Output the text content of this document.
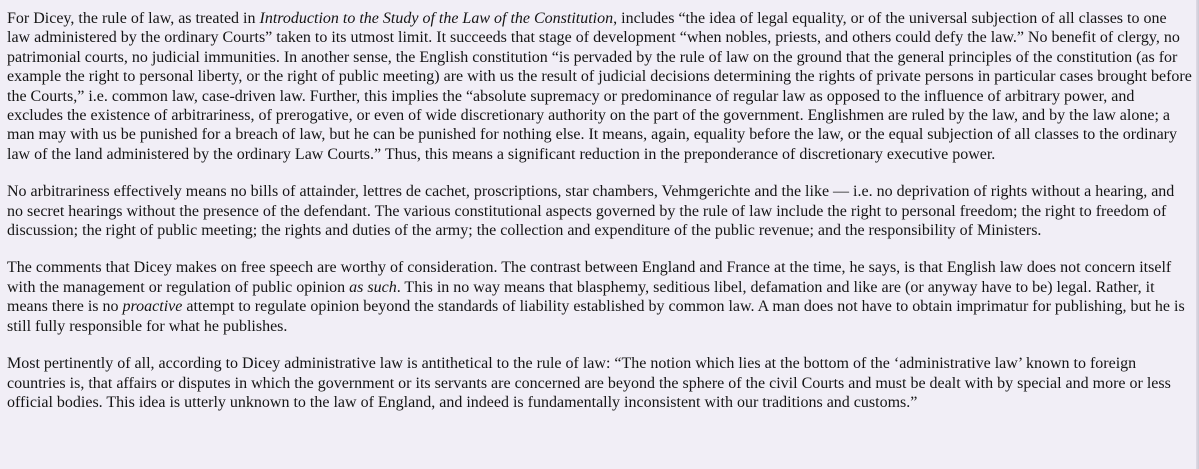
For Dicey, the rule of law, as treated in Introduction to the Study of the Law of the Constitution, includes “the idea of legal equality, or of the universal subjection of all classes to one law administered by the ordinary Courts” taken to its utmost limit. It succeeds that stage of development “when nobles, priests, and others could defy the law.” No benefit of clergy, no patrimonial courts, no judicial immunities. In another sense, the English constitution “is pervaded by the rule of law on the ground that the general principles of the constitution (as for example the right to personal liberty, or the right of public meeting) are with us the result of judicial decisions determining the rights of private persons in particular cases brought before the Courts,” i.e. common law, case-driven law. Further, this implies the “absolute supremacy or predominance of regular law as opposed to the influence of arbitrary power, and excludes the existence of arbitrariness, of prerogative, or even of wide discretionary authority on the part of the government. Englishmen are ruled by the law, and by the law alone; a man may with us be punished for a breach of law, but he can be punished for nothing else. It means, again, equality before the law, or the equal subjection of all classes to the ordinary law of the land administered by the ordinary Law Courts.” Thus, this means a significant reduction in the preponderance of discretionary executive power.

No arbitrariness effectively means no bills of attainder, lettres de cachet, proscriptions, star chambers, Vehmgerichte and the like — i.e. no deprivation of rights without a hearing, and no secret hearings without the presence of the defendant. The various constitutional aspects governed by the rule of law include the right to personal freedom; the right to freedom of discussion; the right of public meeting; the rights and duties of the army; the collection and expenditure of the public revenue; and the responsibility of Ministers.

The comments that Dicey makes on free speech are worthy of consideration. The contrast between England and France at the time, he says, is that English law does not concern itself with the management or regulation of public opinion as such. This in no way means that blasphemy, seditious libel, defamation and like are (or anyway have to be) legal. Rather, it means there is no proactive attempt to regulate opinion beyond the standards of liability established by common law. A man does not have to obtain imprimatur for publishing, but he is still fully responsible for what he publishes.

Most pertinently of all, according to Dicey administrative law is antithetical to the rule of law: “The notion which lies at the bottom of the ‘administrative law’ known to foreign countries is, that affairs or disputes in which the government or its servants are concerned are beyond the sphere of the civil Courts and must be dealt with by special and more or less official bodies. This idea is utterly unknown to the law of England, and indeed is fundamentally inconsistent with our traditions and customs.”
